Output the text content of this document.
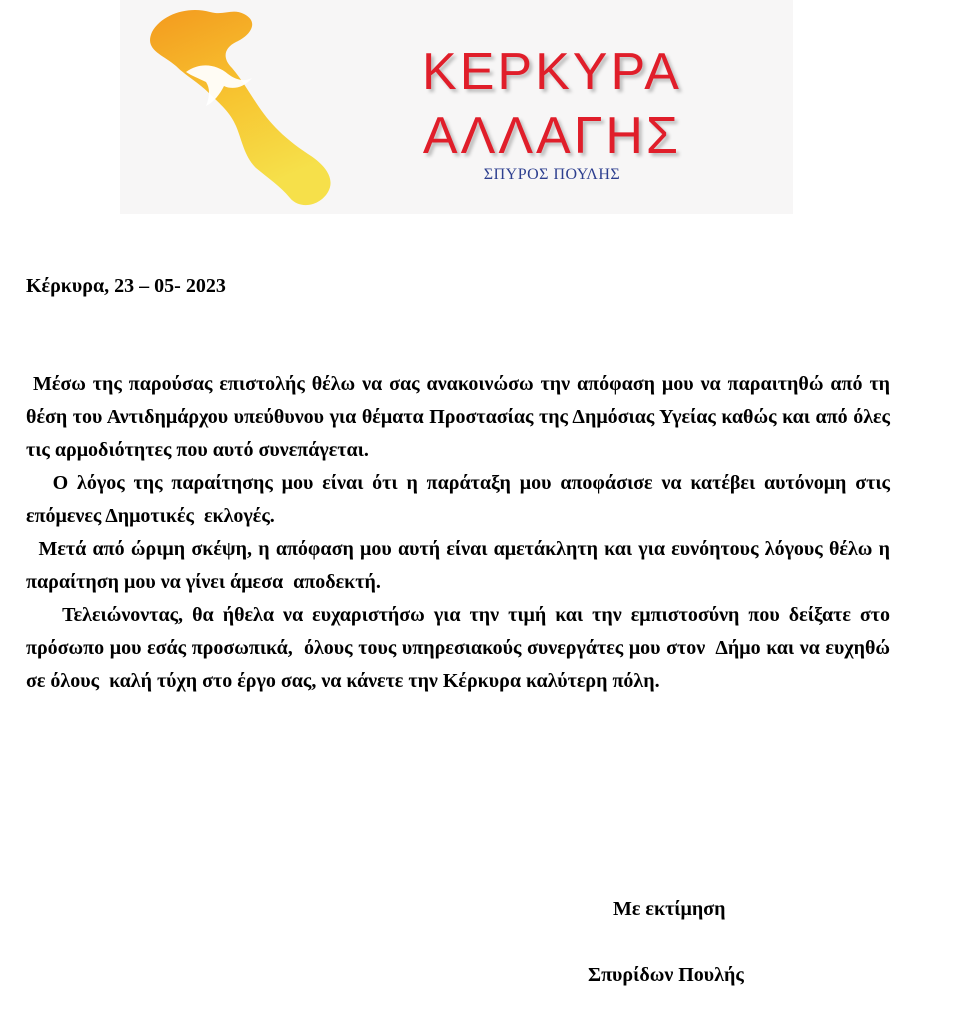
ΚΕΡΚΥΡΑ
ΑΛΛΑΓΗΣ
ΣΠΥΡΟΣ ΠΟΥΛΗΣ
Κέρκυρα, 23 – 05- 2023

Μέσω της παρούσας επιστολής θέλω να σας ανακοινώσω την απόφαση μου να παραιτηθώ από τη θέση του Αντιδημάρχου υπεύθυνου για θέματα Προστασίας της Δημόσιας Υγείας καθώς και από όλες τις αρμοδιότητες που αυτό συνεπάγεται.

Ο λόγος της παραίτησης μου είναι ότι η παράταξη μου αποφάσισε να κατέβει αυτόνομη στις επόμενες Δημοτικές  εκλογές.

Μετά από ώριμη σκέψη, η απόφαση μου αυτή είναι αμετάκλητη και για ευνόητους λόγους θέλω η παραίτηση μου να γίνει άμεσα  αποδεκτή.

Τελειώνοντας, θα ήθελα να ευχαριστήσω για την τιμή και την εμπιστοσύνη που δείξατε στο πρόσωπο μου εσάς προσωπικά,  όλους τους υπηρεσιακούς συνεργάτες μου στον  Δήμο και να ευχηθώ σε όλους  καλή τύχη στο έργο σας, να κάνετε την Κέρκυρα καλύτερη πόλη.

Με εκτίμηση
Σπυρίδων Πουλής
